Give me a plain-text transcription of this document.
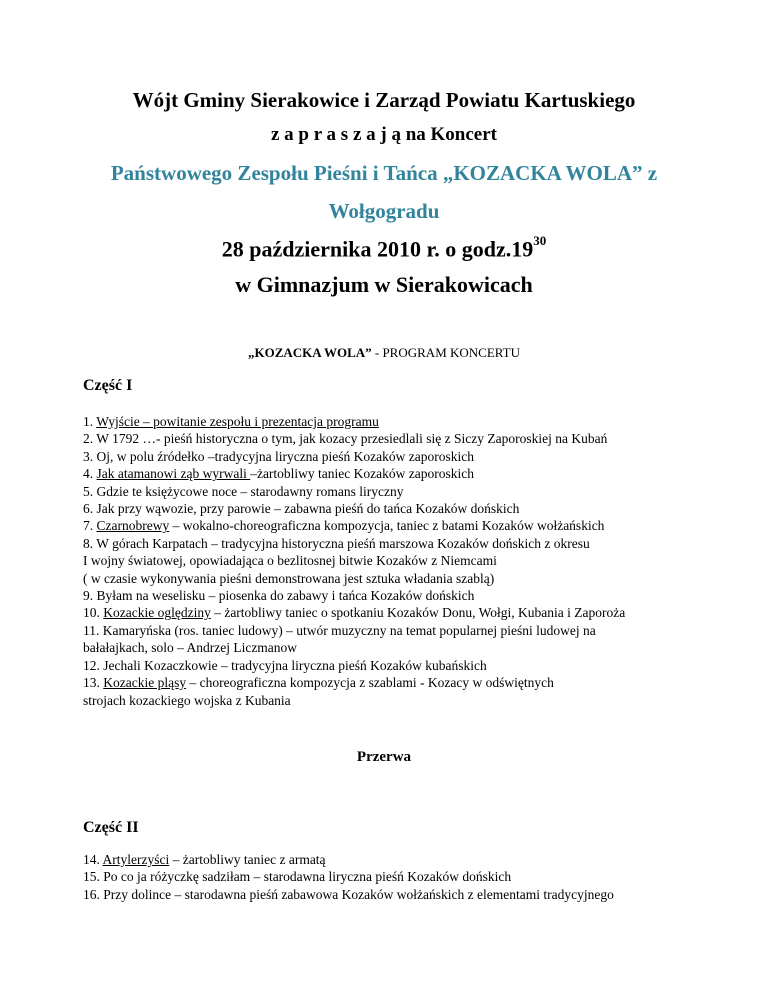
Wójt Gminy Sierakowice i Zarząd Powiatu Kartuskiego
z a p r a s z a j ą na Koncert
Państwowego Zespołu Pieśni i Tańca „KOZACKA WOLA” z
Wołgogradu
28 października 2010 r. o $godz.19^{30}$
w Gimnazjum w Sierakowicach
„KOZACKA WOLA” - PROGRAM KONCERTU
Część I
1. Wyjście – powitanie zespołu i prezentacja programu
2. W 1792 …- pieśń historyczna o tym, jak kozacy przesiedlali się z Siczy Zaporoskiej na Kubań
3. Oj, w polu źródełko –tradycyjna liryczna pieśń Kozaków zaporoskich
4. Jak atamanowi ząb wyrwali –żartobliwy taniec Kozaków zaporoskich
5. Gdzie te księżycowe noce – starodawny romans liryczny
6. Jak przy wąwozie, przy parowie – zabawna pieśń do tańca Kozaków dońskich
7. Czarnobrewy – wokalno-choreograficzna kompozycja, taniec z batami Kozaków wołżańskich
8. W górach Karpatach – tradycyjna historyczna pieśń marszowa Kozaków dońskich z okresu
I wojny światowej, opowiadająca o bezlitosnej bitwie Kozaków z Niemcami
( w czasie wykonywania pieśni demonstrowana jest sztuka władania szablą)
9. Byłam na weselisku – piosenka do zabawy i tańca Kozaków dońskich
10. Kozackie oględziny – żartobliwy taniec o spotkaniu Kozaków Donu, Wołgi, Kubania i Zaporoża
11. Kamaryńska (ros. taniec ludowy) – utwór muzyczny na temat popularnej pieśni ludowej na
bałałajkach, solo – Andrzej Liczmanow
12. Jechali Kozaczkowie – tradycyjna liryczna pieśń Kozaków kubańskich
13. Kozackie pląsy – choreograficzna kompozycja z szablami - Kozacy w odświętnych
strojach kozackiego wojska z Kubania
Przerwa
Część II
14. Artylerzyści – żartobliwy taniec z armatą
15. Po co ja różyczkę sadziłam – starodawna liryczna pieśń Kozaków dońskich
16. Przy dolince – starodawna pieśń zabawowa Kozaków wołżańskich z elementami tradycyjnego
